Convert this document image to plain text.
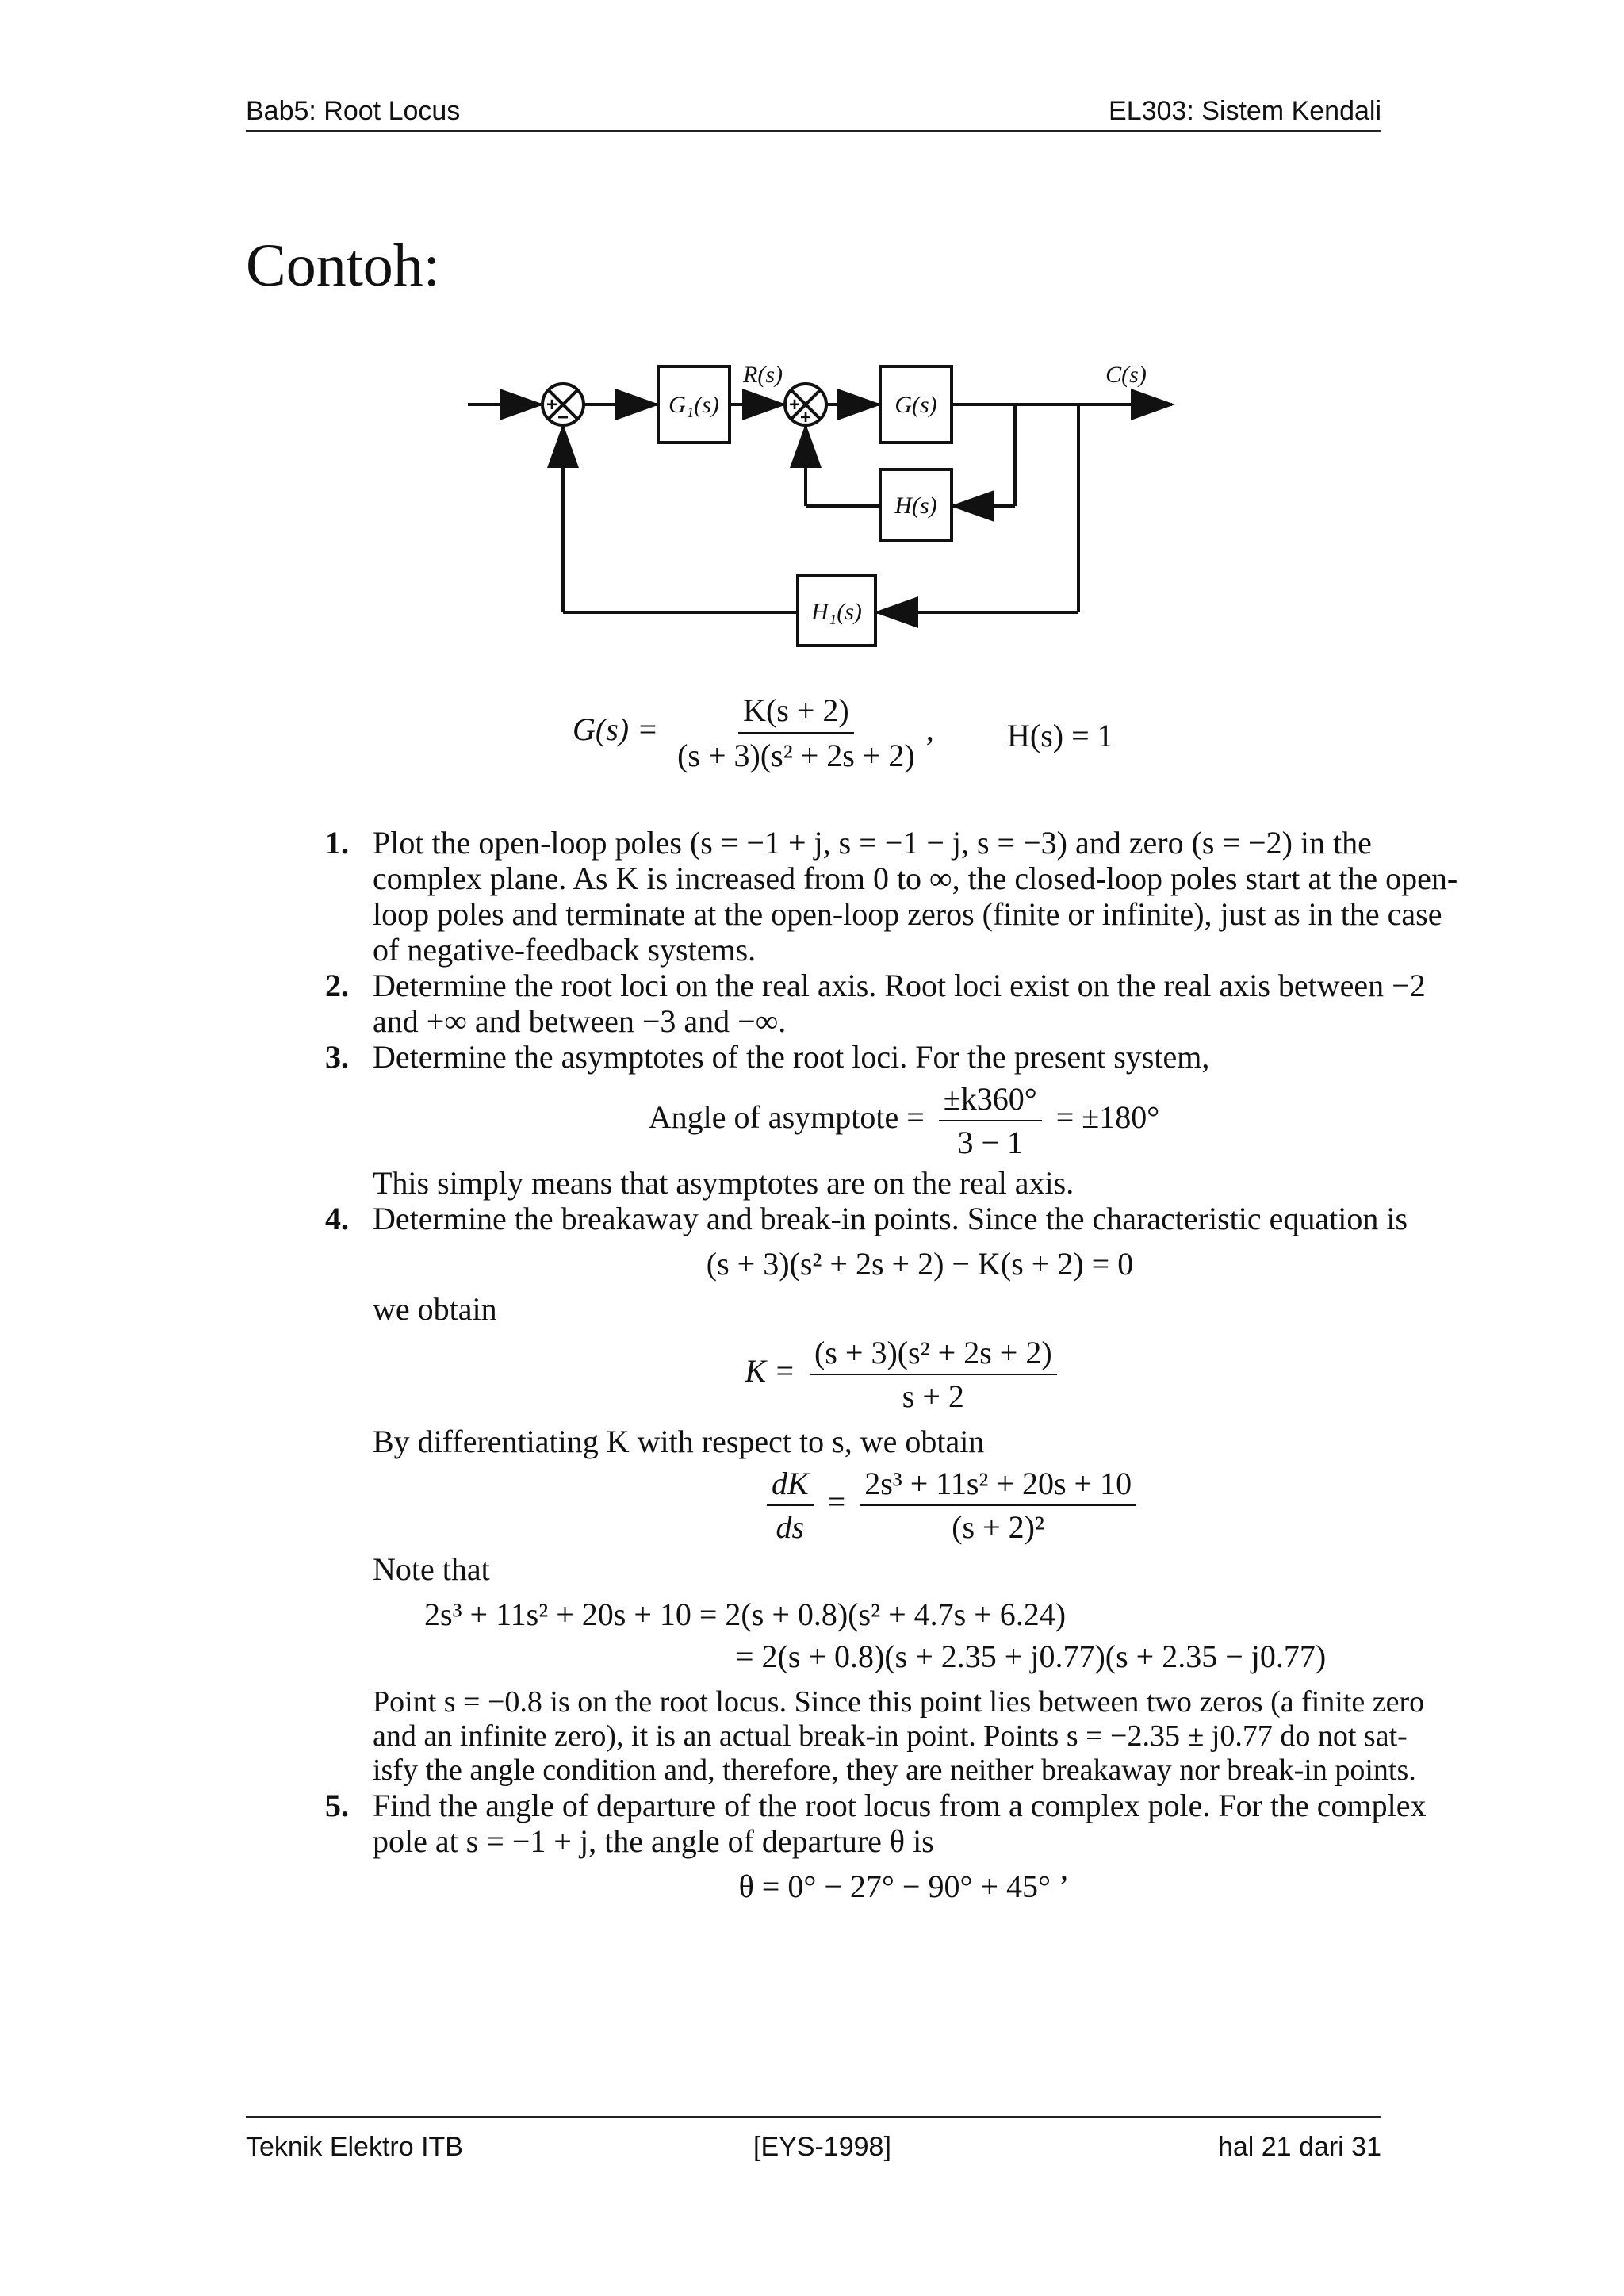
Bab5: Root Locus	EL303: Sistem Kendali
Contoh:
G₁(s)	G(s)
H(s)
H₁(s)
R(s)	C(s)
+
−
+
+
$G(s) = \frac{K(s + 2)}{\text{(s + 3)(s² + 2s + 2)}}$ , H(s) = 1
1. Plot the open-loop poles (s = −1 + j, s = −1 − j, s = −3) and zero (s = −2) in the
complex plane. As K is increased from 0 to ∞, the closed-loop poles start at the open-
loop poles and terminate at the open-loop zeros (finite or infinite), just as in the case
of negative-feedback systems.
2. Determine the root loci on the real axis. Root loci exist on the real axis between −2
and +∞ and between −3 and −∞.
3. Determine the asymptotes of the root loci. For the present system,
Angle of asymptote = $\frac{\pm k360^\circ}{3 - 1} = \pm 180^\circ$
This simply means that asymptotes are on the real axis.
4. Determine the breakaway and break-in points. Since the characteristic equation is
(s + 3)(s² + 2s + 2) − K(s + 2) = 0
we obtain
$K = \frac{\text{(s + 3)(s² + 2s + 2)}}{s + 2}$
By differentiating K with respect to s, we obtain
$\frac{dK}{ds} = \frac{\text{2s³ + 11s² + 20s + 10}}{\text{(s + 2)²}}$
Note that
2s³ + 11s² + 20s + 10 = 2(s + 0.8)(s² + 4.7s + 6.24)
= 2(s + 0.8)(s + 2.35 + j0.77)(s + 2.35 − j0.77)
Point s = −0.8 is on the root locus. Since this point lies between two zeros (a finite zero
and an infinite zero), it is an actual break-in point. Points s = −2.35 ± j0.77 do not sat-
isfy the angle condition and, therefore, they are neither breakaway nor break-in points.
5. Find the angle of departure of the root locus from a complex pole. For the complex
pole at s = −1 + j, the angle of departure θ is
θ = 0° − 27° − 90° + 45° ’
Teknik Elektro ITB	[EYS-1998]	hal 21 dari 31
